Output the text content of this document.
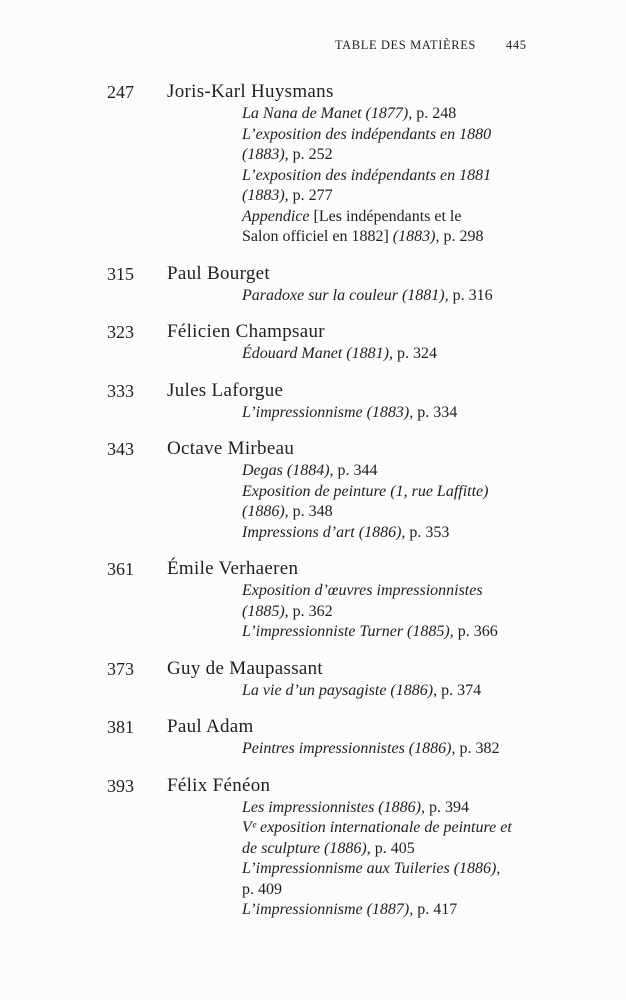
TABLE DES MATIÈRES 445
247 Joris-Karl Huysmans
La Nana de Manet (1877), p. 248
L’exposition des indépendants en 1880
(1883), p. 252
L’exposition des indépendants en 1881
(1883), p. 277
Appendice [Les indépendants et le
Salon officiel en 1882] (1883), p. 298
315 Paul Bourget
Paradoxe sur la couleur (1881), p. 316
323 Félicien Champsaur
Édouard Manet (1881), p. 324
333 Jules Laforgue
L’impressionnisme (1883), p. 334
343 Octave Mirbeau
Degas (1884), p. 344
Exposition de peinture (1, rue Laffitte)
(1886), p. 348
Impressions d’art (1886), p. 353
361 Émile Verhaeren
Exposition d’œuvres impressionnistes
(1885), p. 362
L’impressionniste Turner (1885), p. 366
373 Guy de Maupassant
La vie d’un paysagiste (1886), p. 374
381 Paul Adam
Peintres impressionnistes (1886), p. 382
393 Félix Fénéon
Les impressionnistes (1886), p. 394
Vᵉ exposition internationale de peinture et
de sculpture (1886), p. 405
L’impressionnisme aux Tuileries (1886),
p. 409
L’impressionnisme (1887), p. 417
